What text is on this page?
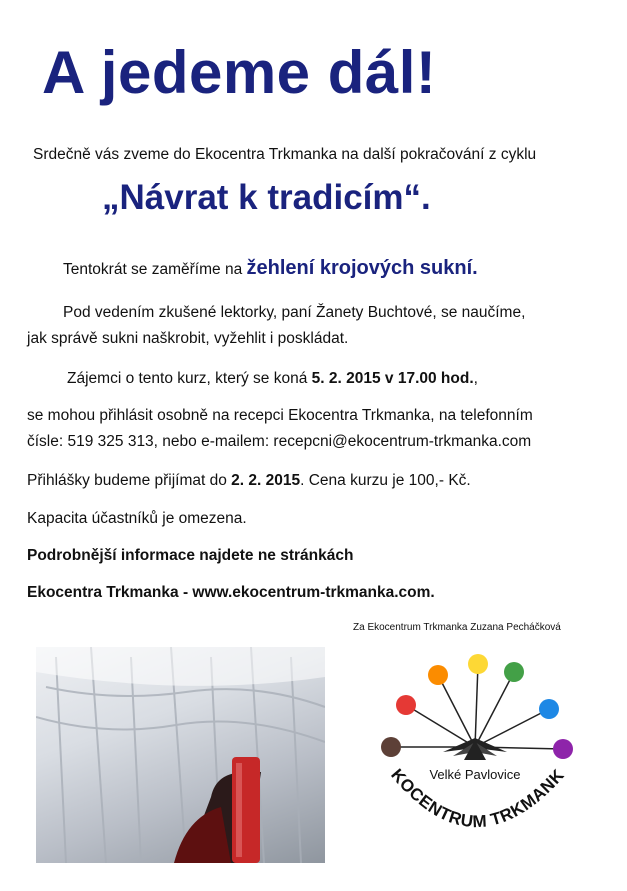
A jedeme dál!
Srdečně vás zveme do Ekocentra Trkmanka na další pokračování z cyklu
„Návrat k tradicím“.
Tentokrát se zaměříme na žehlení krojových sukní.
Pod vedením zkušené lektorky, paní Žanety Buchtové, se naučíme,
jak správě sukni naškrobit, vyžehlit i poskládat.
Zájemci o tento kurz, který se koná 5. 2. 2015 v 17.00 hod.,
se mohou přihlásit osobně na recepci Ekocentra Trkmanka, na telefonním
čísle: 519 325 313, nebo e-mailem: recepcni@ekocentrum-trkmanka.com
Přihlášky budeme přijímat do 2. 2. 2015. Cena kurzu je 100,- Kč.
Kapacita účastníků je omezena.
Podrobnější informace najdete ne stránkách
Ekocentra Trkmanka - www.ekocentrum-trkmanka.com.
Za Ekocentrum Trkmanka Zuzana Pecháčková
Velké Pavlovice
KOCENTRUM TRKMANK
